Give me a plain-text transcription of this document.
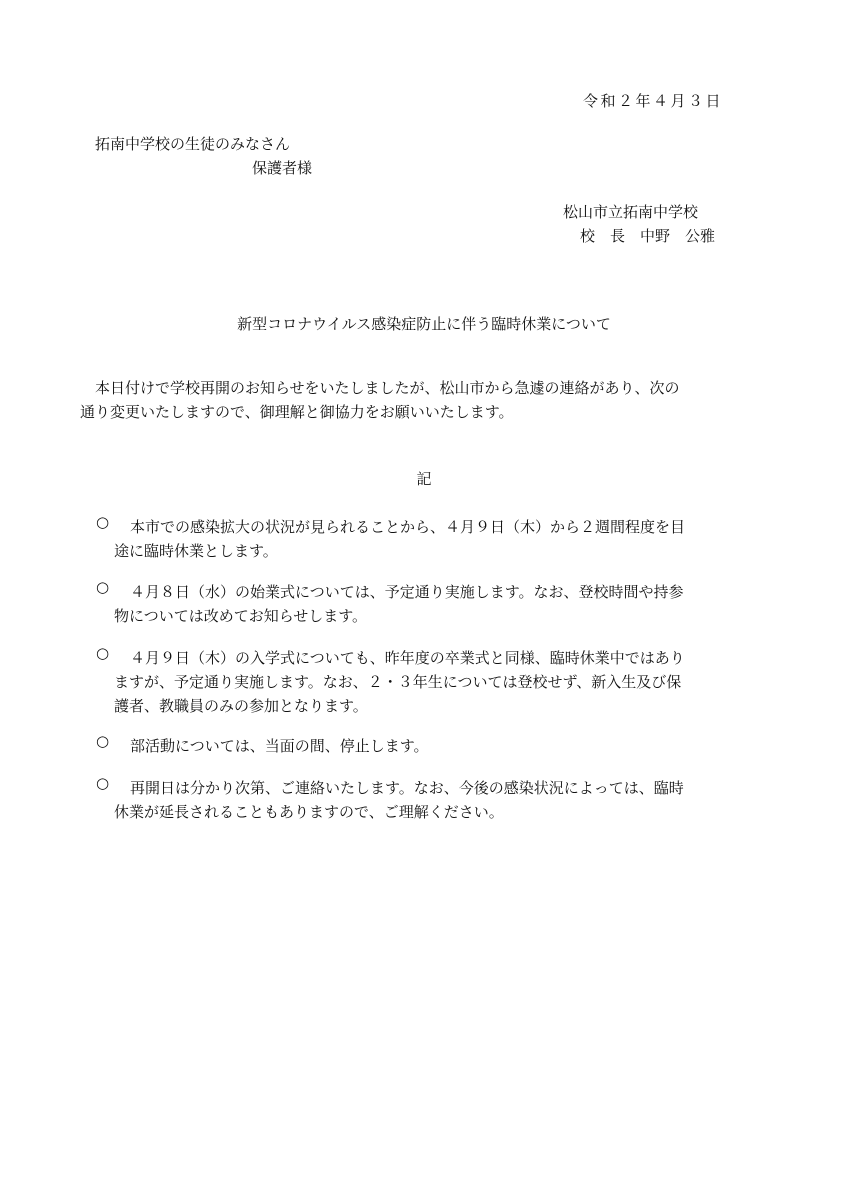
令和２年４月３日
拓南中学校の生徒のみなさん
保護者様
松山市立拓南中学校
校　長　中野　公雅
新型コロナウイルス感染症防止に伴う臨時休業について
本日付けで学校再開のお知らせをいたしましたが、松山市から急遽の連絡があり、次の
通り変更いたしますので、御理解と御協力をお願いいたします。
記
○	本市での感染拡大の状況が見られることから、４月９日（木）から２週間程度を目
途に臨時休業とします。
○	４月８日（水）の始業式については、予定通り実施します。なお、登校時間や持参
物については改めてお知らせします。
○	４月９日（木）の入学式についても、昨年度の卒業式と同様、臨時休業中ではあり
ますが、予定通り実施します。なお、２・３年生については登校せず、新入生及び保
護者、教職員のみの参加となります。
○	部活動については、当面の間、停止します。
○	再開日は分かり次第、ご連絡いたします。なお、今後の感染状況によっては、臨時
休業が延長されることもありますので、ご理解ください。
